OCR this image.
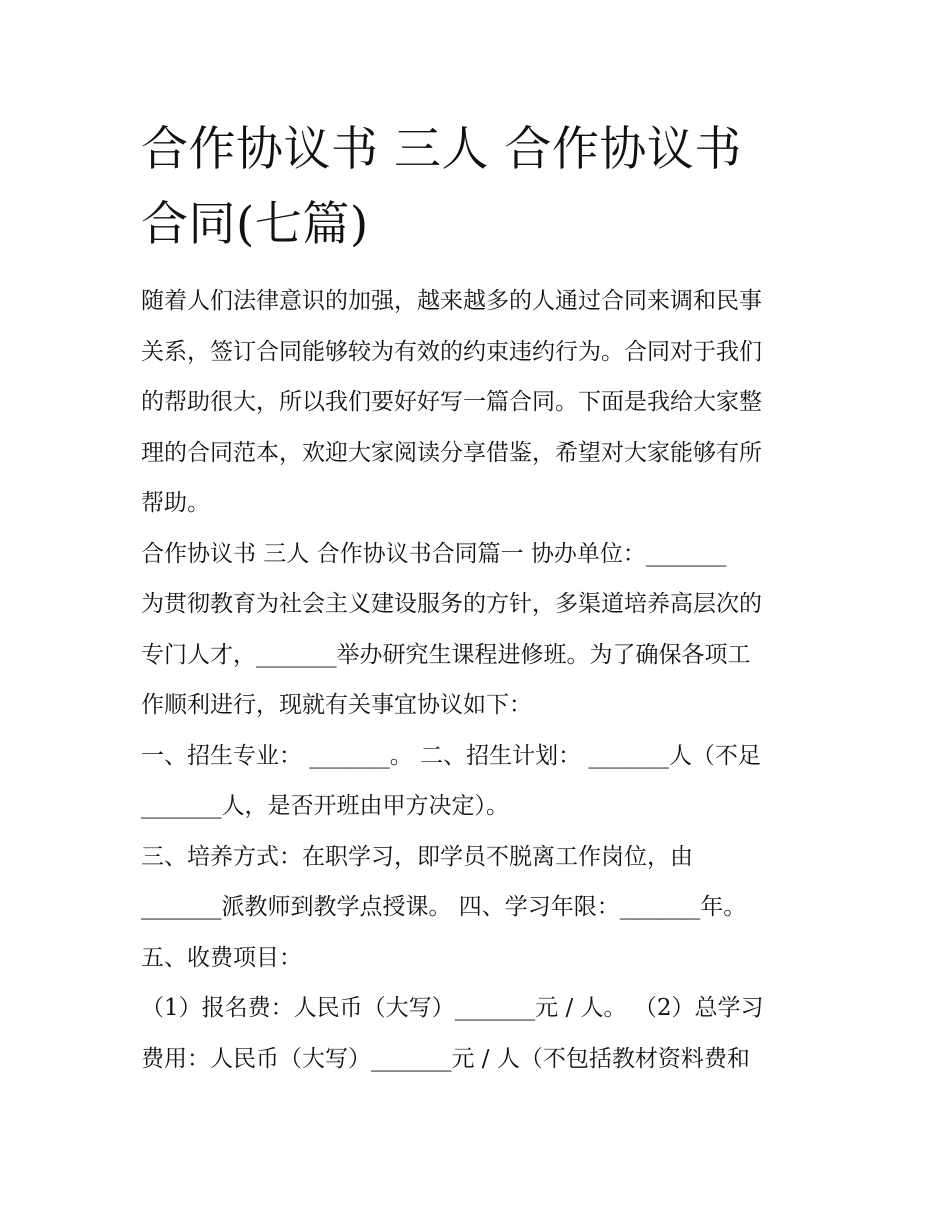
合作协议书 三人 合作协议书
合同(七篇)
随着人们法律意识的加强，越来越多的人通过合同来调和民事
关系，签订合同能够较为有效的约束违约行为。合同对于我们
的帮助很大，所以我们要好好写一篇合同。下面是我给大家整
理的合同范本，欢迎大家阅读分享借鉴，希望对大家能够有所
帮助。
合作协议书 三人 合作协议书合同篇一 协办单位：_______
为贯彻教育为社会主义建设服务的方针，多渠道培养高层次的
专门人才，_______举办研究生课程进修班。为了确保各项工
作顺利进行，现就有关事宜协议如下：
一、招生专业： _______。 二、招生计划： _______人（不足
_______人，是否开班由甲方决定）。
三、培养方式：在职学习，即学员不脱离工作岗位，由
_______派教师到教学点授课。 四、学习年限：_______年。
五、收费项目：
（1）报名费：人民币（大写）_______元 / 人。 （2）总学习
费用：人民币（大写）_______元 / 人（不包括教材资料费和
